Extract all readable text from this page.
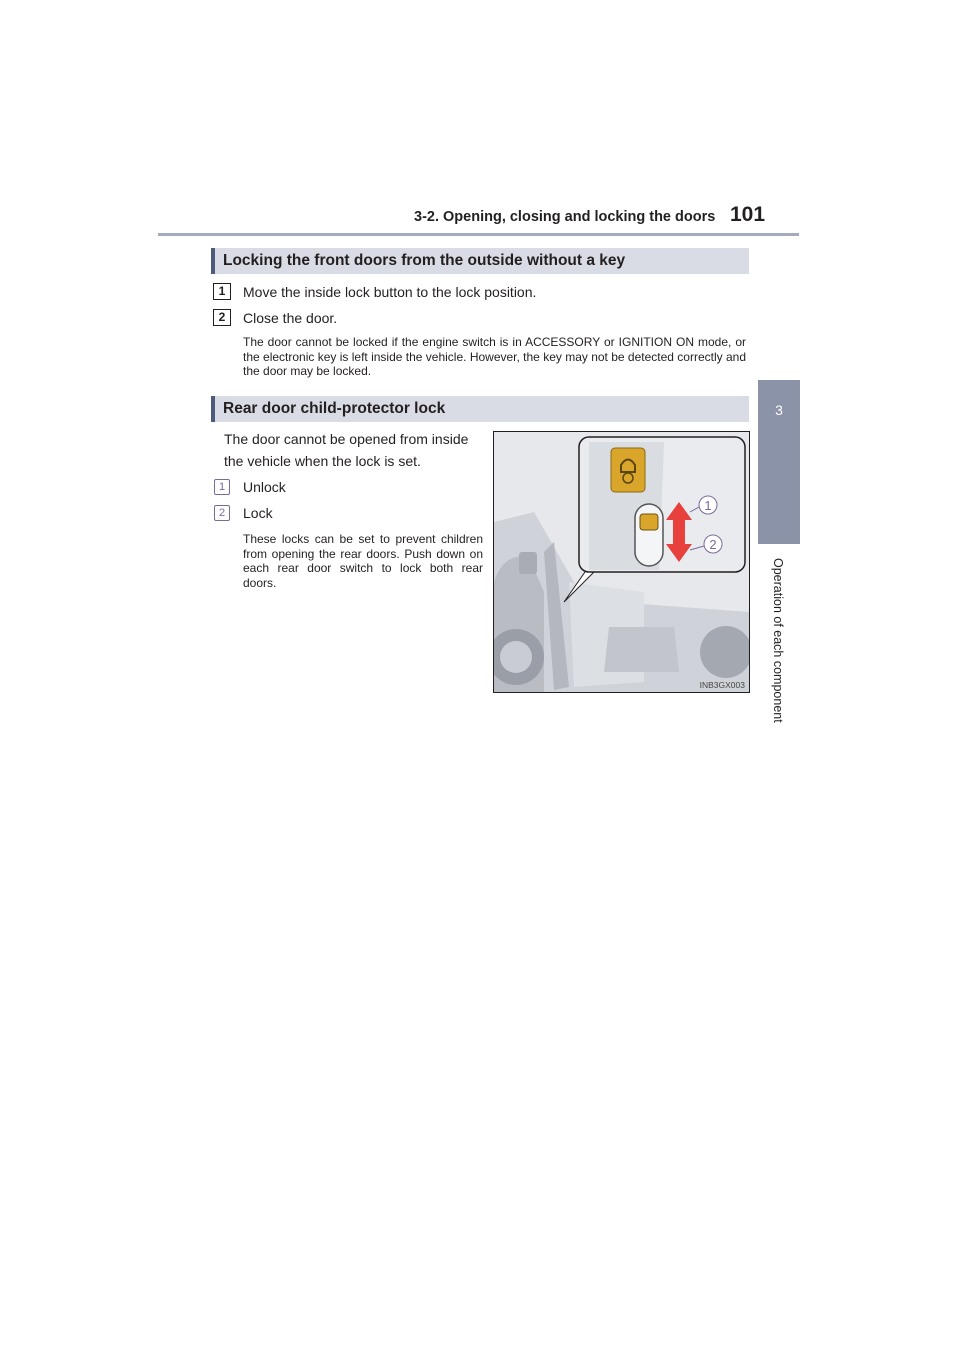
3-2. Opening, closing and locking the doors 101
3
Operation of each component
Locking the front doors from the outside without a key
1	Move the inside lock button to the lock position.
2	Close the door.
The door cannot be locked if the engine switch is in ACCESSORY or IGNITION ON mode, or the electronic key is left inside the vehicle. However, the key may not be detected correctly and the door may be locked.
Rear door child-protector lock
The door cannot be opened from inside the vehicle when the lock is set.
1	Unlock
2	Lock
These locks can be set to prevent children from opening the rear doors. Push down on each rear door switch to lock both rear doors.
1
2
INB3GX003
